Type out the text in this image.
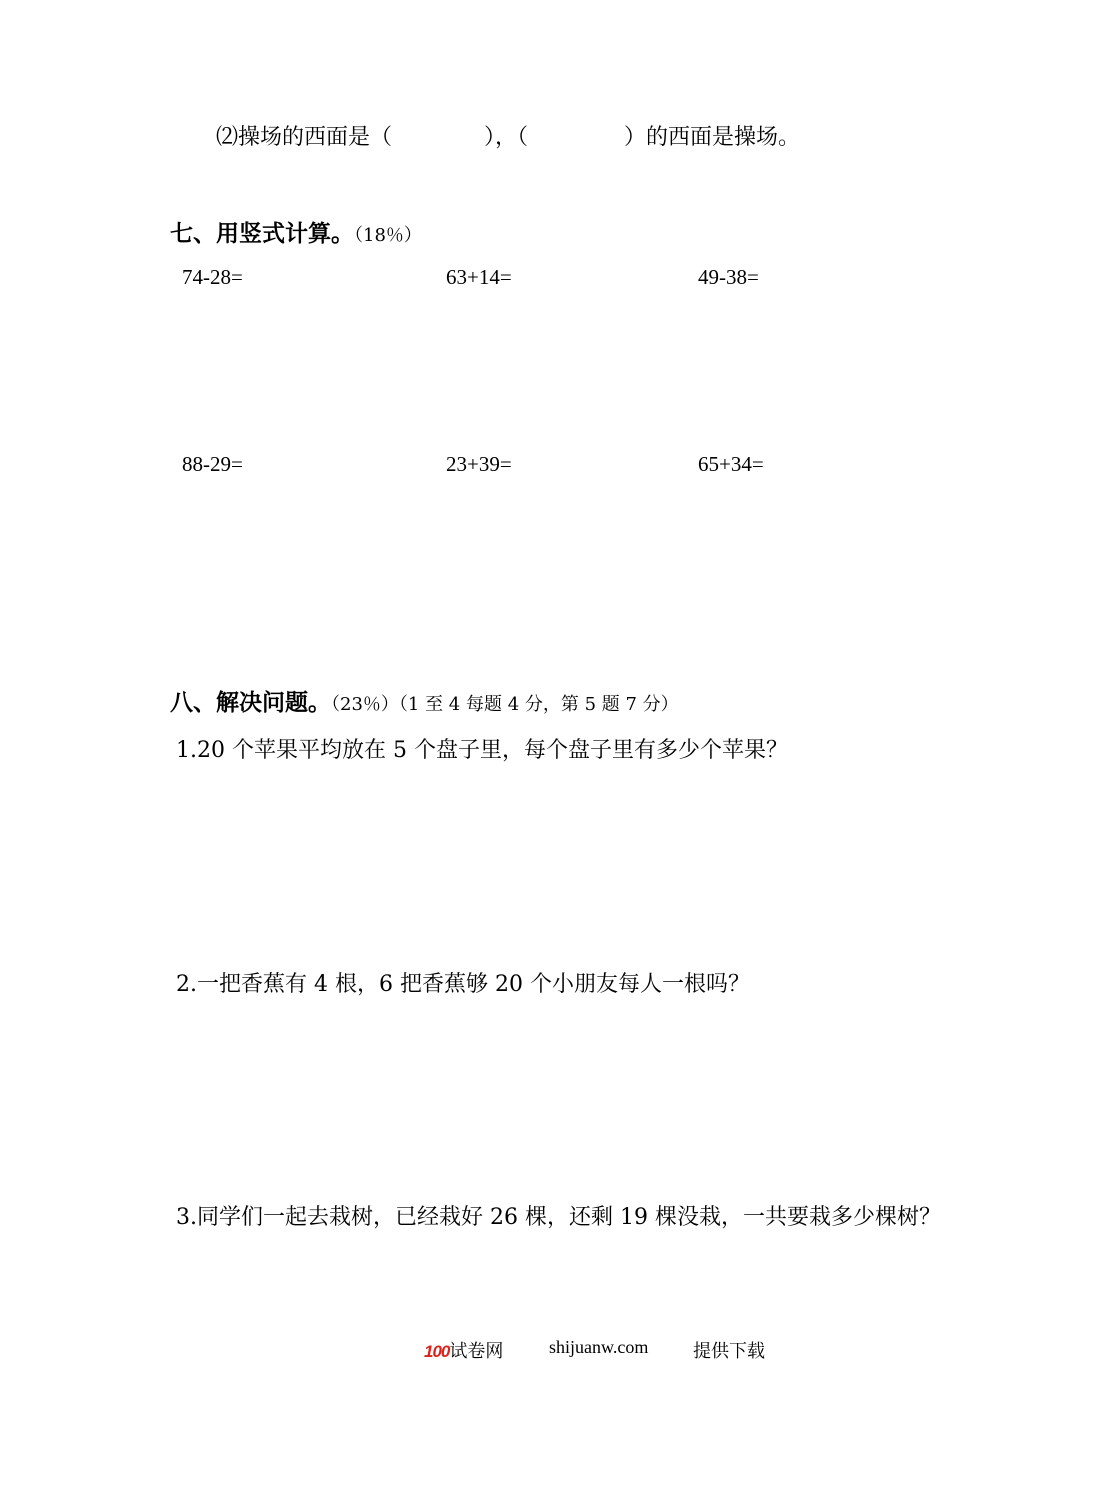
⑵操场的西面是（	），（	）的西面是操场。
七、用竖式计算。（18％）
74-28=	63+14=	49-38=
88-29=	23+39=	65+34=
八、解决问题。（23％）（1 至 4 每题 4 分，第 5 题 7 分）
1.20 个苹果平均放在 5 个盘子里，每个盘子里有多少个苹果？
2.一把香蕉有 4 根，6 把香蕉够 20 个小朋友每人一根吗？
3.同学们一起去栽树，已经栽好 26 棵，还剩 19 棵没栽，一共要栽多少棵树？
100试卷网	shijuanw.com 提供下载
